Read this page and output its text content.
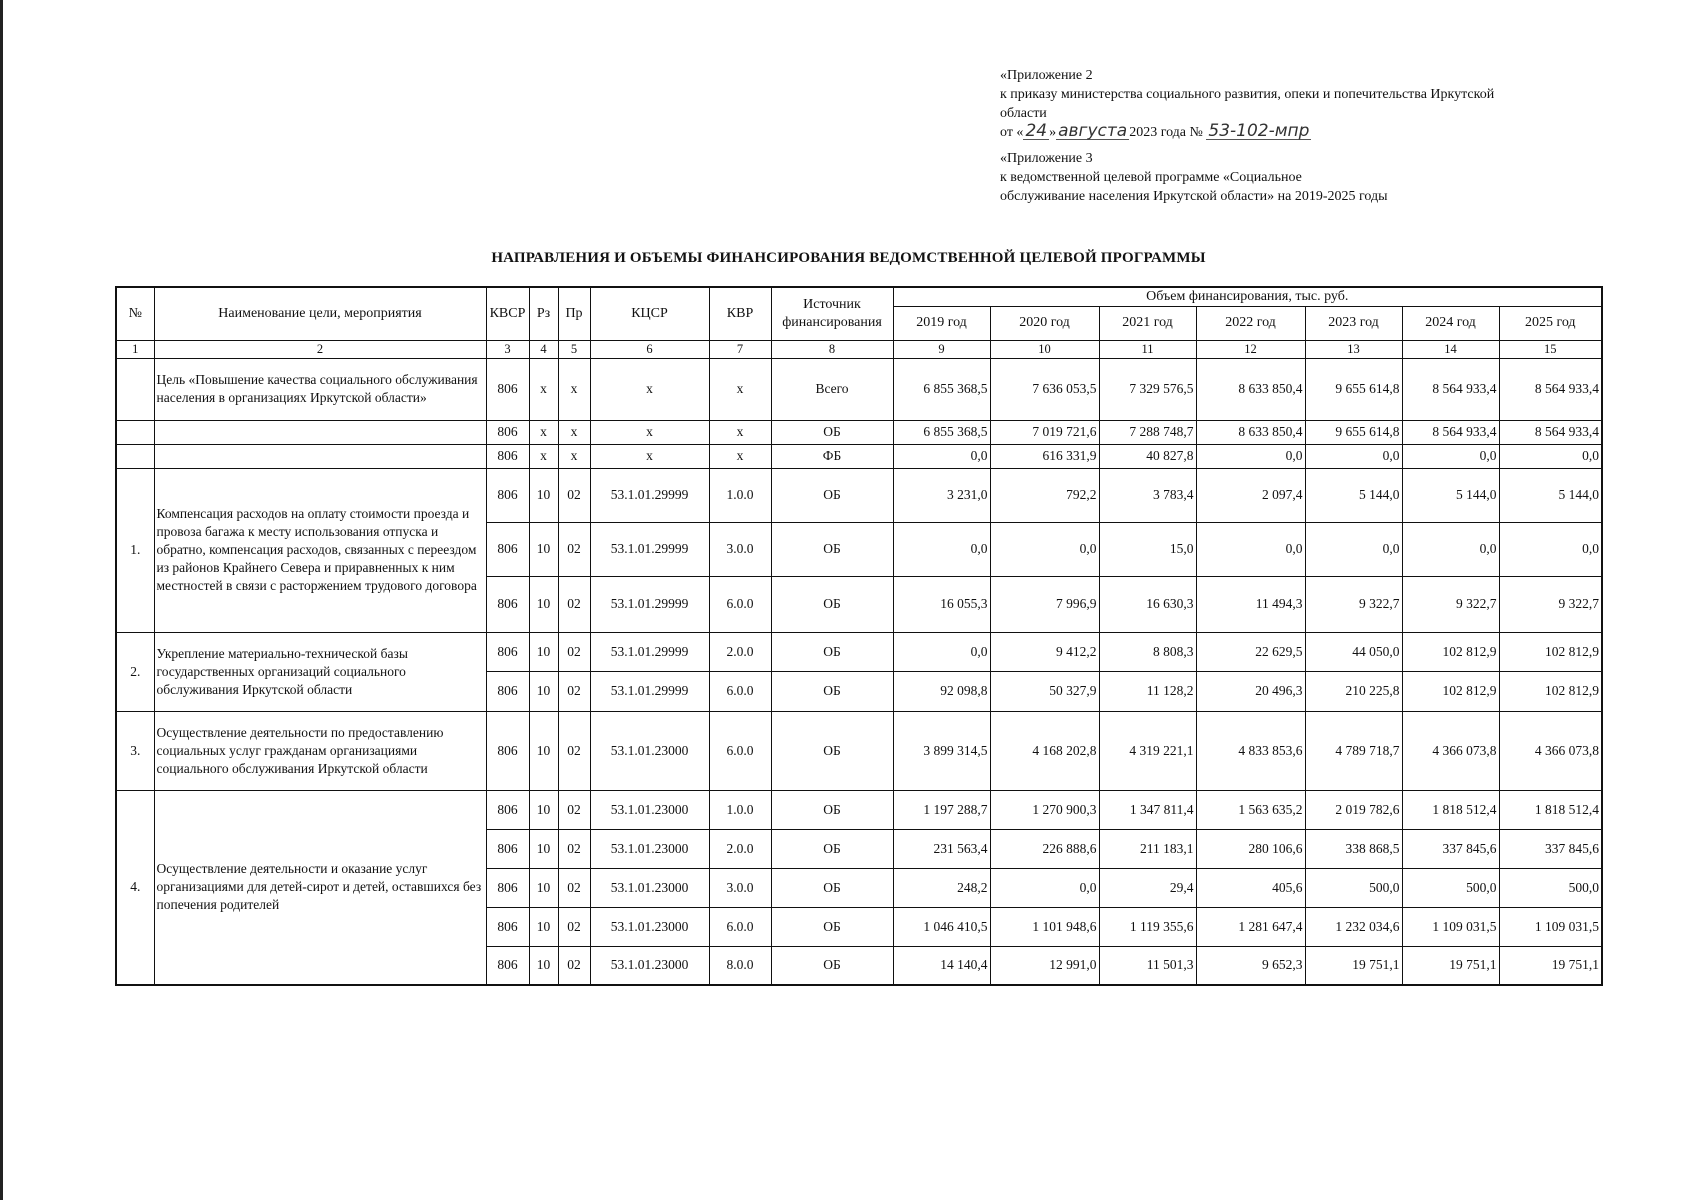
«Приложение 2
к приказу министерства социального развития, опеки и попечительства Иркутской
области
от « 24 » августа 2023 года № 53-102-мпр
«Приложение 3
к ведомственной целевой программе «Социальное
обслуживание населения Иркутской области» на 2019-2025 годы
НАПРАВЛЕНИЯ И ОБЪЕМЫ ФИНАНСИРОВАНИЯ ВЕДОМСТВЕННОЙ ЦЕЛЕВОЙ ПРОГРАММЫ
№	Наименование цели, мероприятия	КВСР	Рз	Пр	КЦСР	КВР	Источник финансирования	Объем финансирования, тыс. руб.						
								2019 год	2020 год	2021 год	2022 год	2023 год	2024 год	2025 год
1	2	3	4	5	6	7	8	9	10	11	12	13	14	15
	Цель «Повышение качества социального обслуживания населения в организациях Иркутской области»	806	х	х	х	х	Всего	6 855 368,5	7 636 053,5	7 329 576,5	8 633 850,4	9 655 614,8	8 564 933,4	8 564 933,4
		806	х	х	х	х	ОБ	6 855 368,5	7 019 721,6	7 288 748,7	8 633 850,4	9 655 614,8	8 564 933,4	8 564 933,4
		806	х	х	х	х	ФБ	0,0	616 331,9	40 827,8	0,0	0,0	0,0	0,0
1.	Компенсация расходов на оплату стоимости проезда и провоза багажа к месту использования отпуска и обратно, компенсация расходов, связанных с переездом из районов Крайнего Севера и приравненных к ним местностей в связи с расторжением трудового договора	806	10	02	53.1.01.29999	1.0.0	ОБ	3 231,0	792,2	3 783,4	2 097,4	5 144,0	5 144,0	5 144,0
		806	10	02	53.1.01.29999	3.0.0	ОБ	0,0	0,0	15,0	0,0	0,0	0,0	0,0
		806	10	02	53.1.01.29999	6.0.0	ОБ	16 055,3	7 996,9	16 630,3	11 494,3	9 322,7	9 322,7	9 322,7
2.	Укрепление материально-технической базы государственных организаций социального обслуживания Иркутской области	806	10	02	53.1.01.29999	2.0.0	ОБ	0,0	9 412,2	8 808,3	22 629,5	44 050,0	102 812,9	102 812,9
		806	10	02	53.1.01.29999	6.0.0	ОБ	92 098,8	50 327,9	11 128,2	20 496,3	210 225,8	102 812,9	102 812,9
3.	Осуществление деятельности по предоставлению социальных услуг гражданам организациями социального обслуживания Иркутской области	806	10	02	53.1.01.23000	6.0.0	ОБ	3 899 314,5	4 168 202,8	4 319 221,1	4 833 853,6	4 789 718,7	4 366 073,8	4 366 073,8
4.	Осуществление деятельности и оказание услуг организациями для детей-сирот и детей, оставшихся без попечения родителей	806	10	02	53.1.01.23000	1.0.0	ОБ	1 197 288,7	1 270 900,3	1 347 811,4	1 563 635,2	2 019 782,6	1 818 512,4	1 818 512,4
		806	10	02	53.1.01.23000	2.0.0	ОБ	231 563,4	226 888,6	211 183,1	280 106,6	338 868,5	337 845,6	337 845,6
		806	10	02	53.1.01.23000	3.0.0	ОБ	248,2	0,0	29,4	405,6	500,0	500,0	500,0
		806	10	02	53.1.01.23000	6.0.0	ОБ	1 046 410,5	1 101 948,6	1 119 355,6	1 281 647,4	1 232 034,6	1 109 031,5	1 109 031,5
		806	10	02	53.1.01.23000	8.0.0	ОБ	14 140,4	12 991,0	11 501,3	9 652,3	19 751,1	19 751,1	19 751,1
